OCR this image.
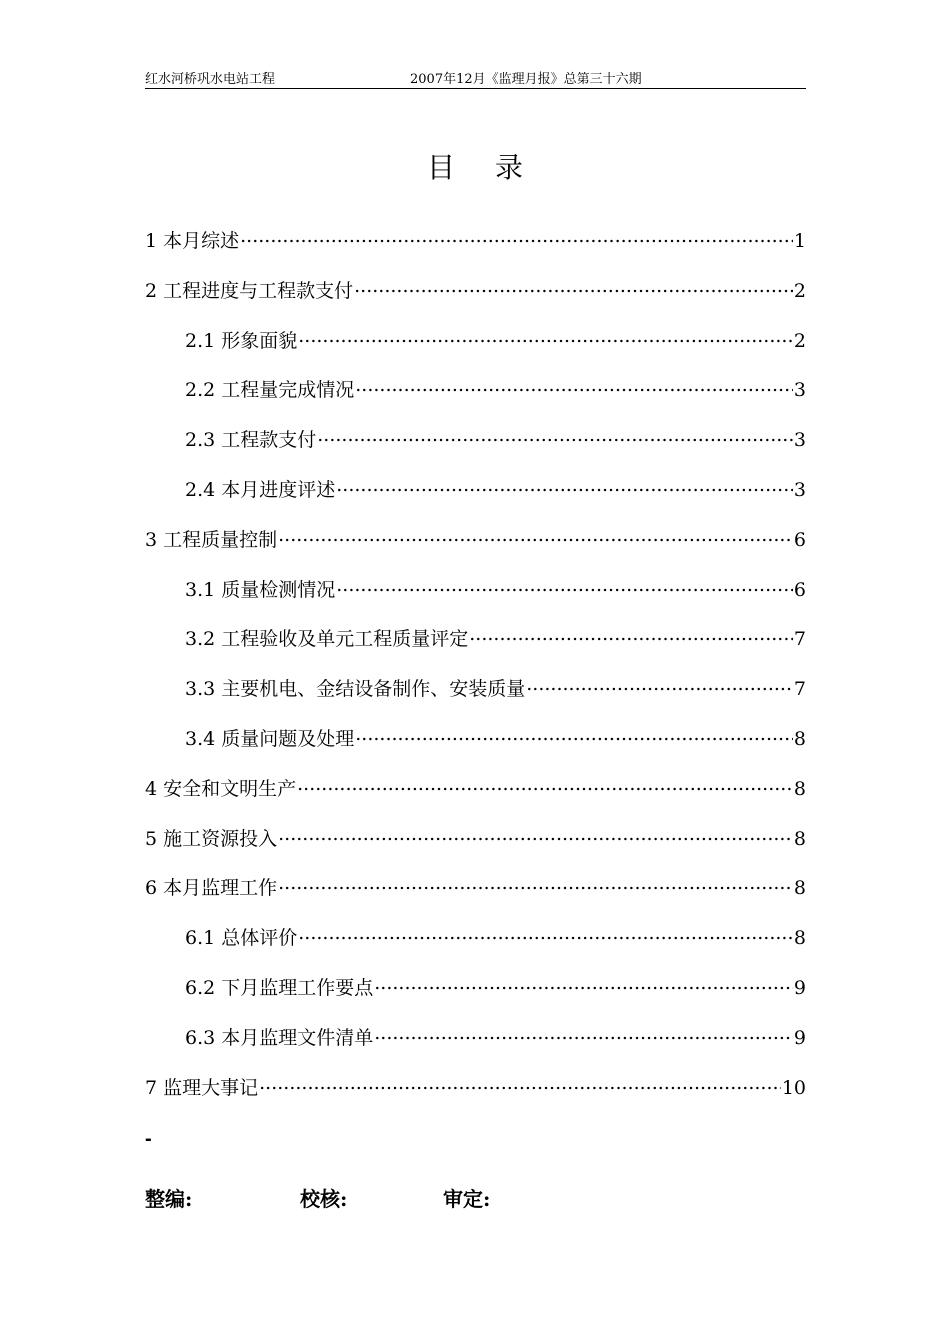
红水河桥巩水电站工程	2007年12月《监理月报》总第三十六期
目录
1 本月综述 .....	1
2 工程进度与工程款支付 .....	2
2.1 形象面貌 .....	2
2.2 工程量完成情况 .....	3
2.3 工程款支付 .....	3
2.4 本月进度评述 .....	3
3 工程质量控制 .....	6
3.1 质量检测情况 .....	6
3.2 工程验收及单元工程质量评定 .....	7
3.3 主要机电、金结设备制作、安装质量 .....	7
3.4 质量问题及处理 .....	8
4 安全和文明生产 .....	8
5 施工资源投入 .....	8
6 本月监理工作 .....	8
6.1 总体评价 .....	8
6.2 下月监理工作要点 .....	9
6.3 本月监理文件清单 .....	9
7 监理大事记 .....	10
-
整编:	校核:	审定:
